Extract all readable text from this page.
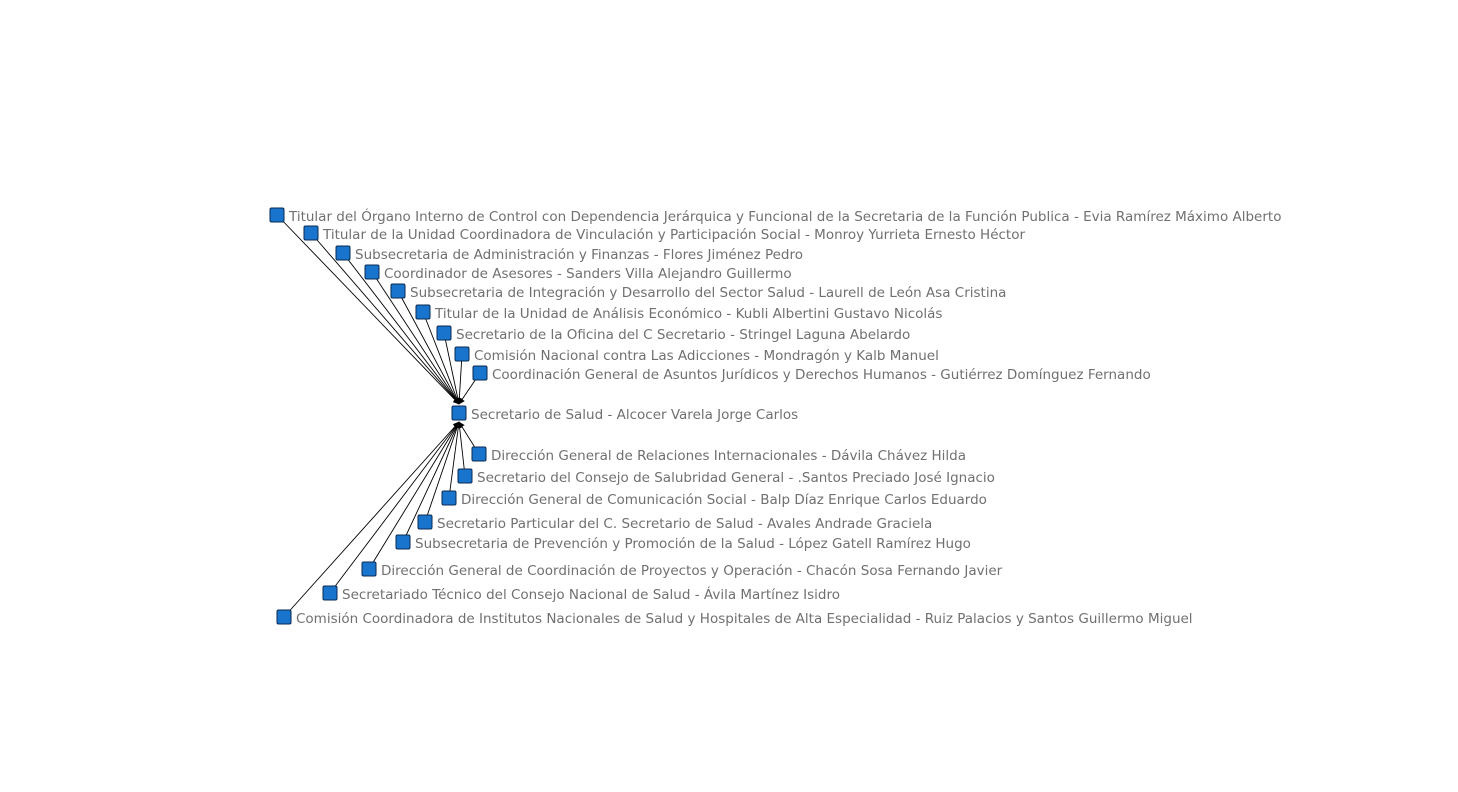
Titular del Órgano Interno de Control con Dependencia Jerárquica y Funcional de la Secretaria de la Función Publica - Evia Ramírez Máximo Alberto
Titular de la Unidad Coordinadora de Vinculación y Participación Social - Monroy Yurrieta Ernesto Héctor
Subsecretaria de Administración y Finanzas - Flores Jiménez Pedro
Coordinador de Asesores - Sanders Villa Alejandro Guillermo
Subsecretaria de Integración y Desarrollo del Sector Salud - Laurell de León Asa Cristina
Titular de la Unidad de Análisis Económico - Kubli Albertini Gustavo Nicolás
Secretario de la Oficina del C Secretario - Stringel Laguna Abelardo
Comisión Nacional contra Las Adicciones - Mondragón y Kalb Manuel
Coordinación General de Asuntos Jurídicos y Derechos Humanos - Gutiérrez Domínguez Fernando
Dirección General de Relaciones Internacionales - Dávila Chávez Hilda
Secretario del Consejo de Salubridad General - .Santos Preciado José Ignacio
Dirección General de Comunicación Social - Balp Díaz Enrique Carlos Eduardo
Secretario Particular del C. Secretario de Salud - Avales Andrade Graciela
Subsecretaria de Prevención y Promoción de la Salud - López Gatell Ramírez Hugo
Dirección General de Coordinación de Proyectos y Operación - Chacón Sosa Fernando Javier
Secretariado Técnico del Consejo Nacional de Salud - Ávila Martínez Isidro
Comisión Coordinadora de Institutos Nacionales de Salud y Hospitales de Alta Especialidad - Ruiz Palacios y Santos Guillermo Miguel
Secretario de Salud - Alcocer Varela Jorge Carlos
